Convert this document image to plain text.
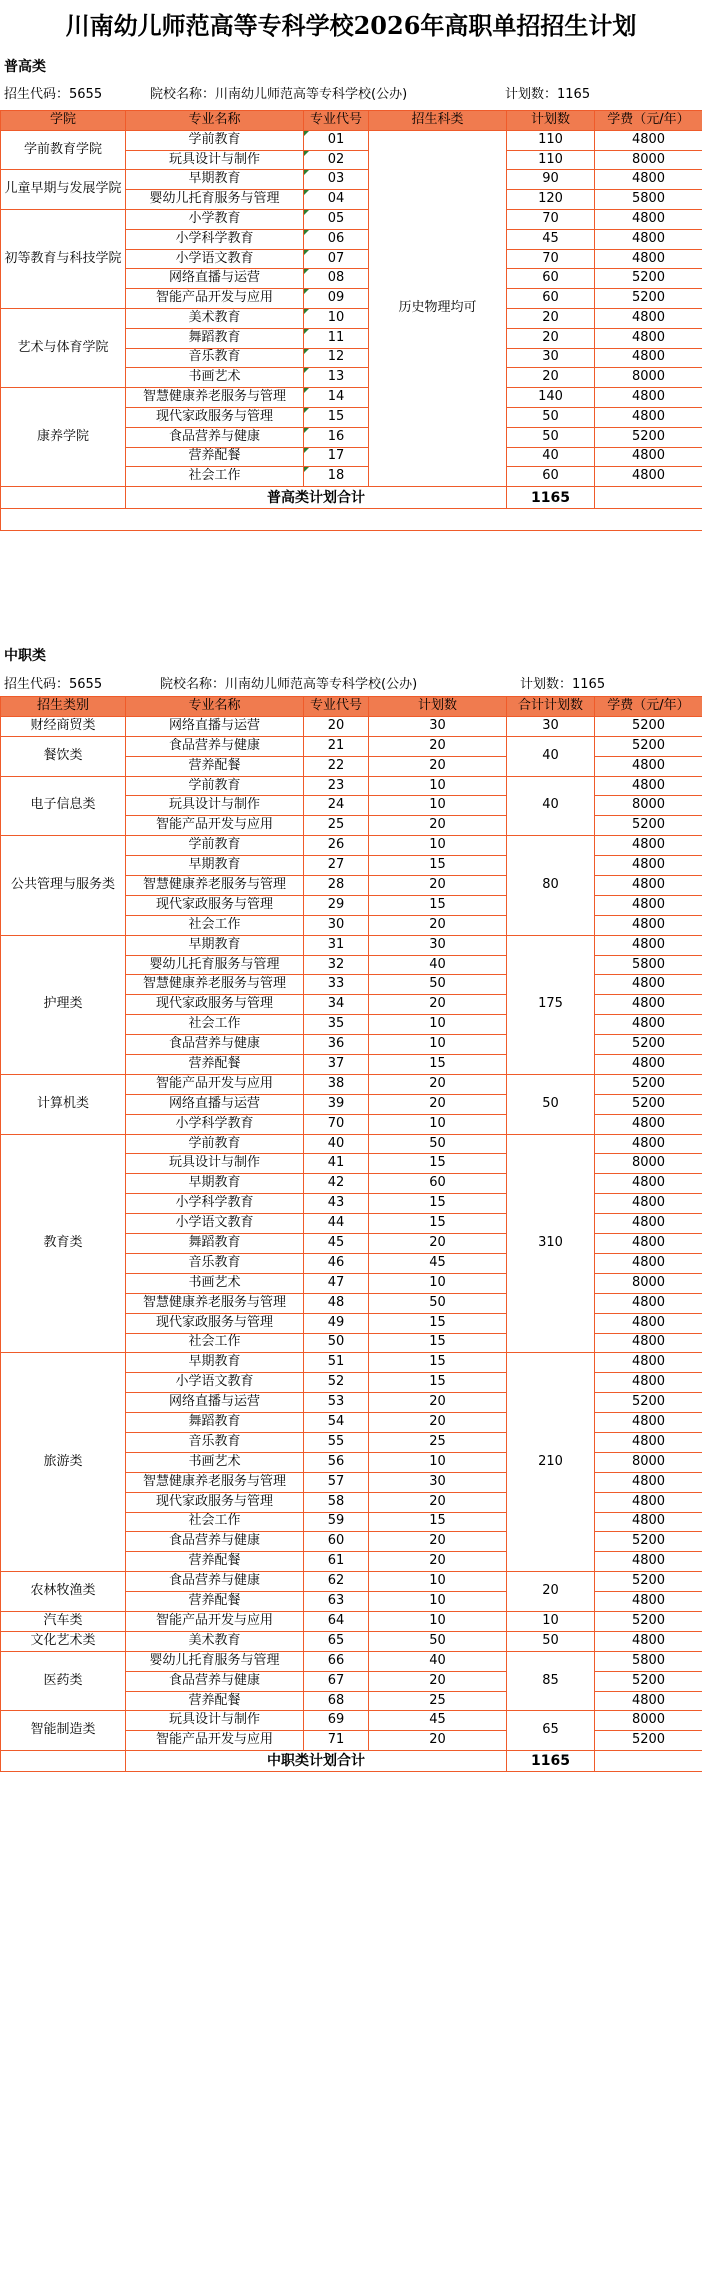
川南幼儿师范高等专科学校2026年高职单招招生计划
普高类
招生代码：5655	院校名称：川南幼儿师范高等专科学校(公办)	计划数：1165
学院	专业名称	专业代号	招生科类	计划数	学费（元/年）
学前教育学院	学前教育	01	历史物理均可	110	4800
	玩具设计与制作	02		110	8000
儿童早期与发展学院	早期教育	03		90	4800
	婴幼儿托育服务与管理	04		120	5800
初等教育与科技学院	小学教育	05		70	4800
	小学科学教育	06		45	4800
	小学语文教育	07		70	4800
	网络直播与运营	08		60	5200
	智能产品开发与应用	09		60	5200
艺术与体育学院	美术教育	10		20	4800
	舞蹈教育	11		20	4800
	音乐教育	12		30	4800
	书画艺术	13		20	8000
康养学院	智慧健康养老服务与管理	14		140	4800
	现代家政服务与管理	15		50	4800
	食品营养与健康	16		50	5200
	营养配餐	17		40	4800
	社会工作	18		60	4800
	普高类计划合计			1165	

中职类
招生代码：5655	院校名称：川南幼儿师范高等专科学校(公办)	计划数：1165
招生类别	专业名称	专业代号	计划数	合计计划数	学费（元/年）
财经商贸类	网络直播与运营	20	30	30	5200
餐饮类	食品营养与健康	21	20	40	5200
	营养配餐	22	20		4800
电子信息类	学前教育	23	10	40	4800
	玩具设计与制作	24	10		8000
	智能产品开发与应用	25	20		5200
公共管理与服务类	学前教育	26	10	80	4800
	早期教育	27	15		4800
	智慧健康养老服务与管理	28	20		4800
	现代家政服务与管理	29	15		4800
	社会工作	30	20		4800
护理类	早期教育	31	30	175	4800
	婴幼儿托育服务与管理	32	40		5800
	智慧健康养老服务与管理	33	50		4800
	现代家政服务与管理	34	20		4800
	社会工作	35	10		4800
	食品营养与健康	36	10		5200
	营养配餐	37	15		4800
计算机类	智能产品开发与应用	38	20	50	5200
	网络直播与运营	39	20		5200
	小学科学教育	70	10		4800
教育类	学前教育	40	50	310	4800
	玩具设计与制作	41	15		8000
	早期教育	42	60		4800
	小学科学教育	43	15		4800
	小学语文教育	44	15		4800
	舞蹈教育	45	20		4800
	音乐教育	46	45		4800
	书画艺术	47	10		8000
	智慧健康养老服务与管理	48	50		4800
	现代家政服务与管理	49	15		4800
	社会工作	50	15		4800
旅游类	早期教育	51	15	210	4800
	小学语文教育	52	15		4800
	网络直播与运营	53	20		5200
	舞蹈教育	54	20		4800
	音乐教育	55	25		4800
	书画艺术	56	10		8000
	智慧健康养老服务与管理	57	30		4800
	现代家政服务与管理	58	20		4800
	社会工作	59	15		4800
	食品营养与健康	60	20		5200
	营养配餐	61	20		4800
农林牧渔类	食品营养与健康	62	10	20	5200
	营养配餐	63	10		4800
汽车类	智能产品开发与应用	64	10	10	5200
文化艺术类	美术教育	65	50	50	4800
医药类	婴幼儿托育服务与管理	66	40	85	5800
	食品营养与健康	67	20		5200
	营养配餐	68	25		4800
智能制造类	玩具设计与制作	69	45	65	8000
	智能产品开发与应用	71	20		5200
	中职类计划合计			1165	
